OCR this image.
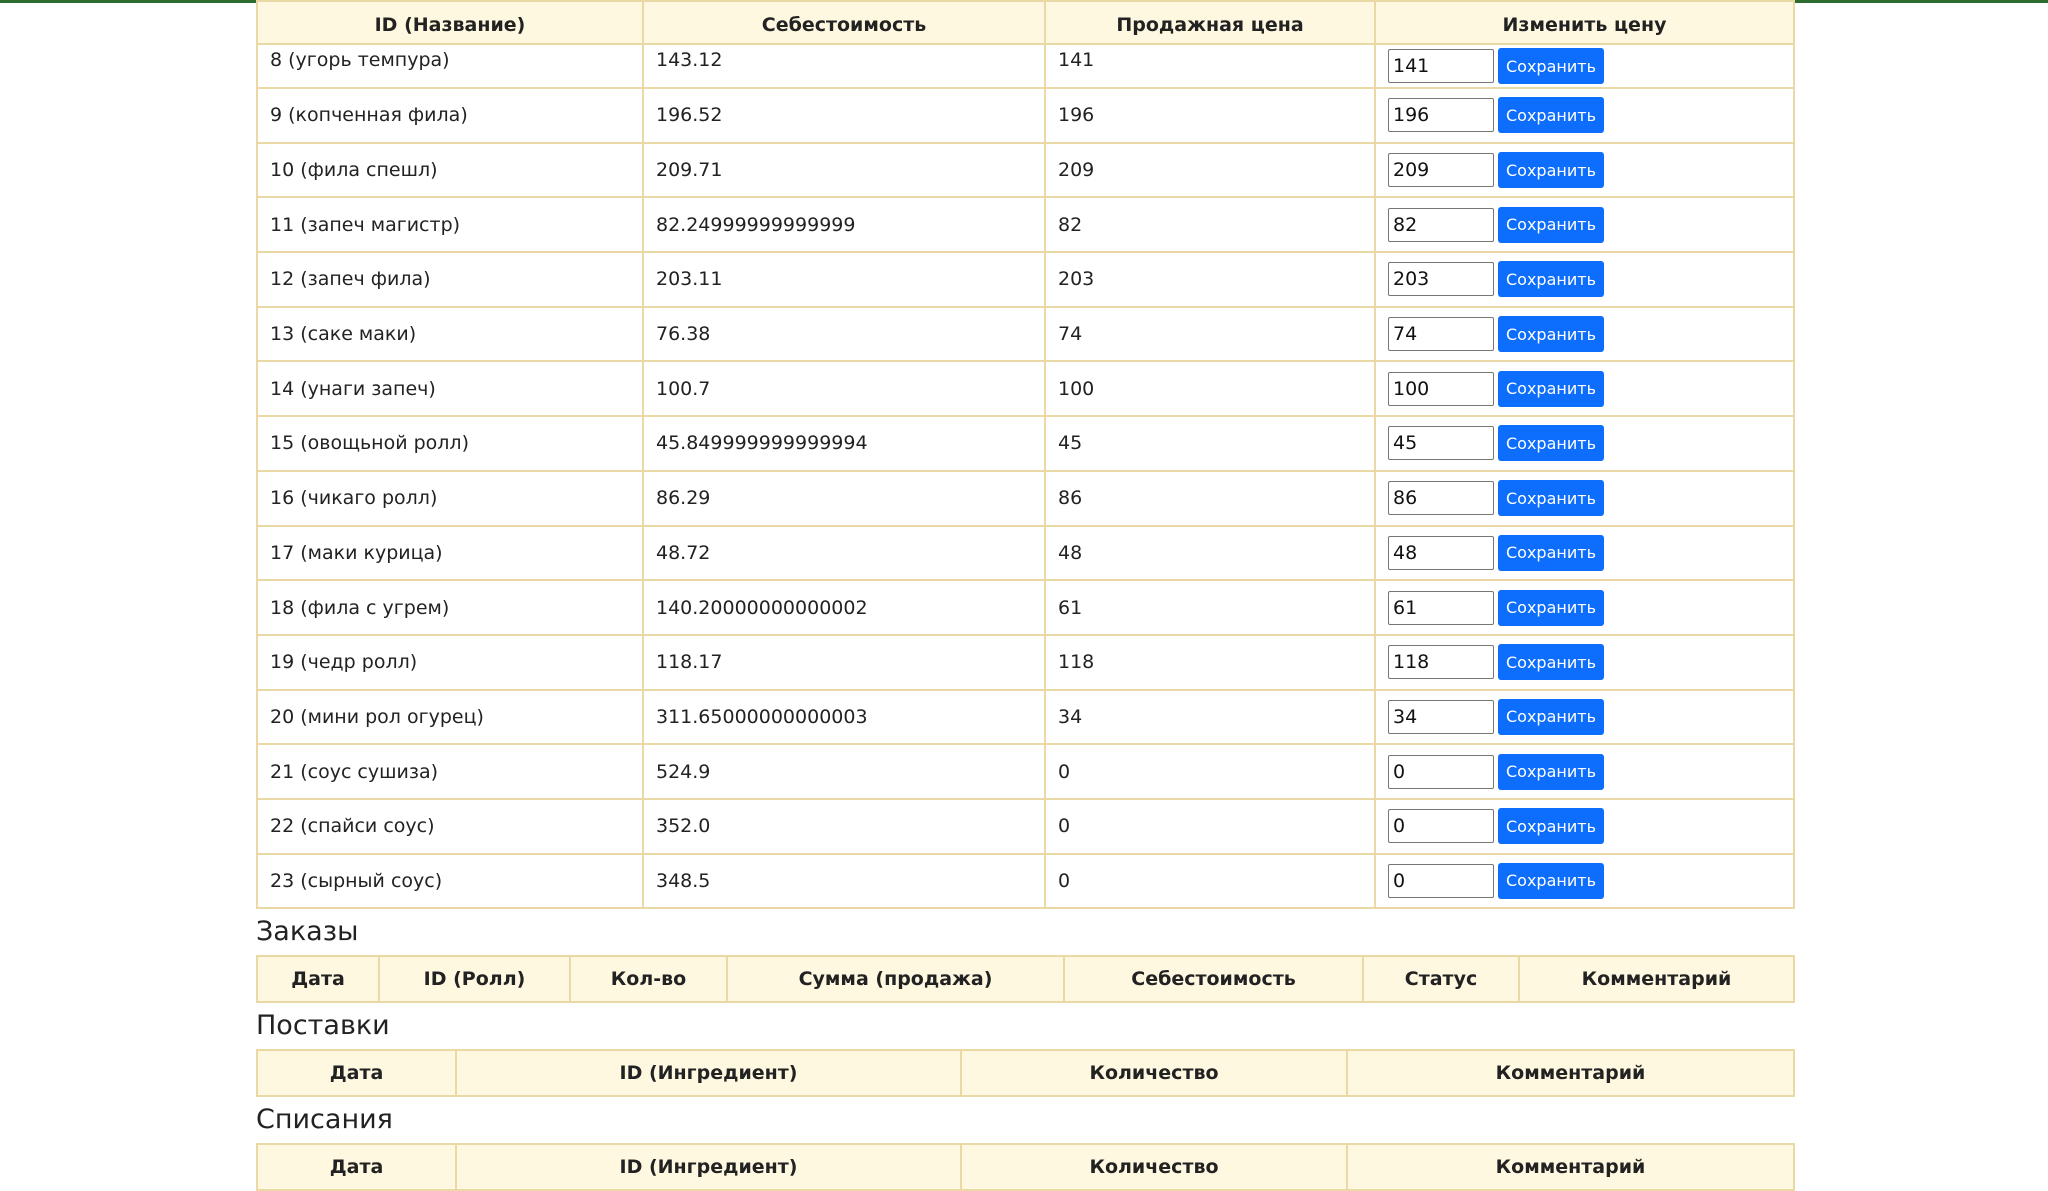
ID (Название)	Себестоимость	Продажная цена	Изменить цену
8 (угорь темпура)	143.12	141	141Сохранить
9 (копченная фила)	196.52	196	196Сохранить
10 (фила спешл)	209.71	209	209Сохранить
11 (запеч магистр)	82.24999999999999	82	82Сохранить
12 (запеч фила)	203.11	203	203Сохранить
13 (саке маки)	76.38	74	74Сохранить
14 (унаги запеч)	100.7	100	100Сохранить
15 (овощьной ролл)	45.849999999999994	45	45Сохранить
16 (чикаго ролл)	86.29	86	86Сохранить
17 (маки курица)	48.72	48	48Сохранить
18 (фила с угрем)	140.20000000000002	61	61Сохранить
19 (чедр ролл)	118.17	118	118Сохранить
20 (мини рол огурец)	311.65000000000003	34	34Сохранить
21 (соус сушиза)	524.9	0	0Сохранить
22 (спайси соус)	352.0	0	0Сохранить
23 (сырный соус)	348.5	0	0Сохранить
Заказы
Дата	ID (Ролл)	Кол-во	Сумма (продажа)	Себестоимость	Статус	Комментарий
Поставки
Дата	ID (Ингредиент)	Количество	Комментарий
Списания
Дата	ID (Ингредиент)	Количество	Комментарий
